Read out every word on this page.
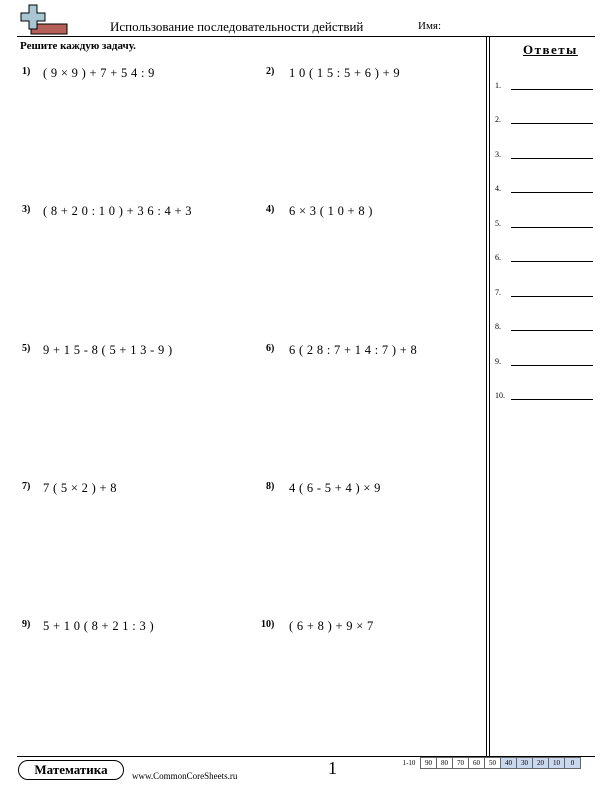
Использование последовательности действий	Имя:
Решите каждую задачу.
1) ( 9 × 9 ) + 7 + 5 4 : 9	2) 1 0 ( 1 5 : 5 + 6 ) + 9
3) ( 8 + 2 0 : 1 0 ) + 3 6 : 4 + 3	4) 6 × 3 ( 1 0 + 8 )
5) 9 + 1 5 - 8 ( 5 + 1 3 - 9 )	6) 6 ( 2 8 : 7 + 1 4 : 7 ) + 8
7) 7 ( 5 × 2 ) + 8	8) 4 ( 6 - 5 + 4 ) × 9
9) 5 + 1 0 ( 8 + 2 1 : 3 )	10) ( 6 + 8 ) + 9 × 7
Ответы
1.
2.
3.
4.
5.
6.
7.
8.
9.
10.
Математика	www.CommonCoreSheets.ru	1	1-10	90	80	70	60	50	40	30	20	10	0
